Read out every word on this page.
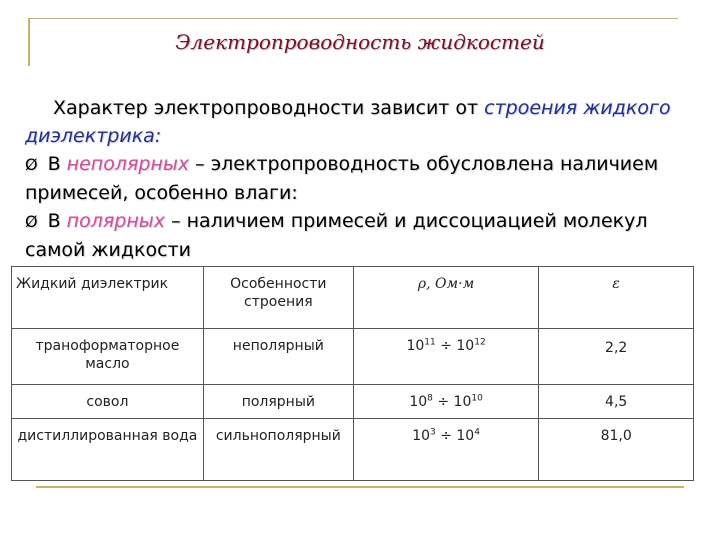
Электропроводность жидкостей

Характер электропроводности зависит от строения жидкого

диэлектрика:

Ø В неполярных – электропроводность обусловлена наличием

примесей, особенно влаги:

Ø В полярных – наличием примесей и диссоциацией молекул

самой жидкости

Жидкий диэлектрик	Особенности строения	ρ, Ом·м	ε
траноформаторное масло	неполярный	$10^{11} \div 10^{12}$	2,2
совол	полярный	$10^8 \div 10^{10}$	4,5
дистиллированная вода	сильнополярный	$10^3 \div 10^4$	81,0
